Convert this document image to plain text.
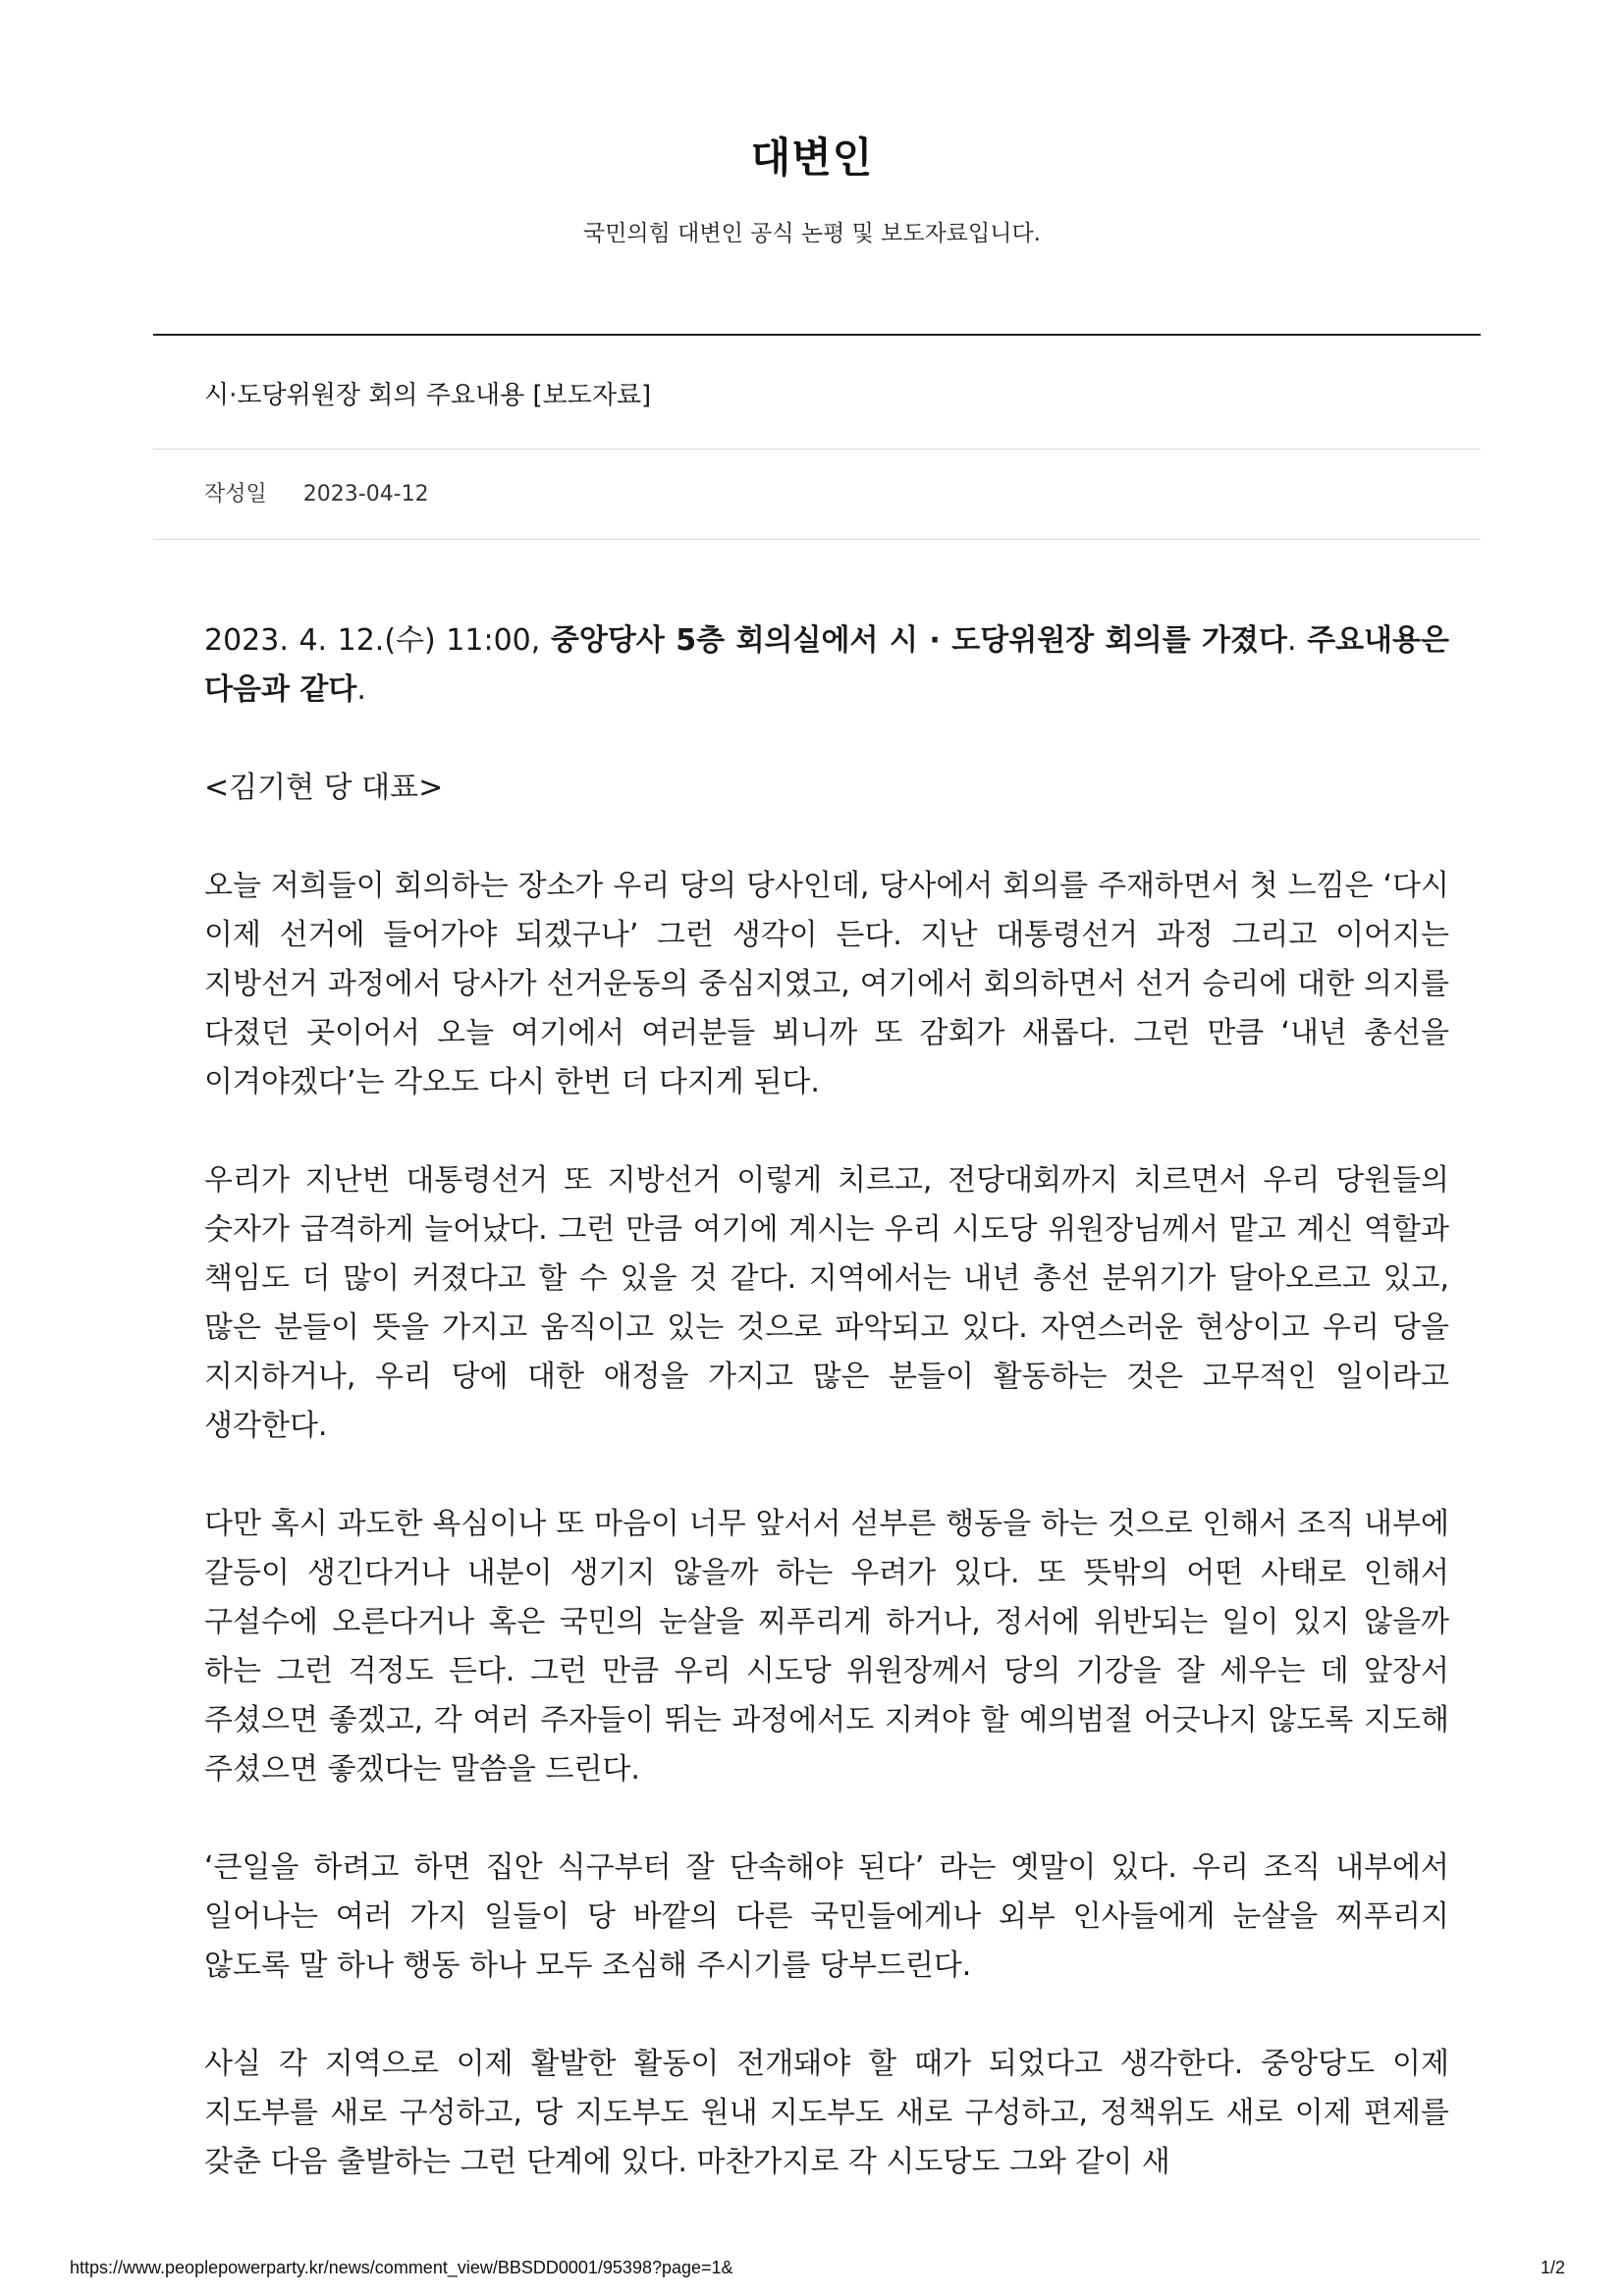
대변인
국민의힘 대변인 공식 논평 및 보도자료입니다.
시·도당위원장 회의 주요내용 [보도자료]
작성일 2023-04-12

2023. 4. 12.(수) 11:00, 중앙당사 5층 회의실에서 시 · 도당위원장 회의를 가졌다. 주요내용은 다음과 같다.

<김기현 당 대표>

오늘 저희들이 회의하는 장소가 우리 당의 당사인데, 당사에서 회의를 주재하면서 첫 느낌은 ‘다시 이제 선거에 들어가야 되겠구나’ 그런 생각이 든다. 지난 대통령선거 과정 그리고 이어지는 지방선거 과정에서 당사가 선거운동의 중심지였고, 여기에서 회의하면서 선거 승리에 대한 의지를 다졌던 곳이어서 오늘 여기에서 여러분들 뵈니까 또 감회가 새롭다. 그런 만큼 ‘내년 총선을 이겨야겠다’는 각오도 다시 한번 더 다지게 된다.

우리가 지난번 대통령선거 또 지방선거 이렇게 치르고, 전당대회까지 치르면서 우리 당원들의 숫자가 급격하게 늘어났다. 그런 만큼 여기에 계시는 우리 시도당 위원장님께서 맡고 계신 역할과 책임도 더 많이 커졌다고 할 수 있을 것 같다. 지역에서는 내년 총선 분위기가 달아오르고 있고, 많은 분들이 뜻을 가지고 움직이고 있는 것으로 파악되고 있다. 자연스러운 현상이고 우리 당을 지지하거나, 우리 당에 대한 애정을 가지고 많은 분들이 활동하는 것은 고무적인 일이라고 생각한다.

다만 혹시 과도한 욕심이나 또 마음이 너무 앞서서 섣부른 행동을 하는 것으로 인해서 조직 내부에 갈등이 생긴다거나 내분이 생기지 않을까 하는 우려가 있다. 또 뜻밖의 어떤 사태로 인해서 구설수에 오른다거나 혹은 국민의 눈살을 찌푸리게 하거나, 정서에 위반되는 일이 있지 않을까 하는 그런 걱정도 든다. 그런 만큼 우리 시도당 위원장께서 당의 기강을 잘 세우는 데 앞장서 주셨으면 좋겠고, 각 여러 주자들이 뛰는 과정에서도 지켜야 할 예의범절 어긋나지 않도록 지도해 주셨으면 좋겠다는 말씀을 드린다.

‘큰일을 하려고 하면 집안 식구부터 잘 단속해야 된다’ 라는 옛말이 있다. 우리 조직 내부에서 일어나는 여러 가지 일들이 당 바깥의 다른 국민들에게나 외부 인사들에게 눈살을 찌푸리지 않도록 말 하나 행동 하나 모두 조심해 주시기를 당부드린다.

사실 각 지역으로 이제 활발한 활동이 전개돼야 할 때가 되었다고 생각한다. 중앙당도 이제 지도부를 새로 구성하고, 당 지도부도 원내 지도부도 새로 구성하고, 정책위도 새로 이제 편제를 갖춘 다음 출발하는 그런 단계에 있다. 마찬가지로 각 시도당도 그와 같이 새

https://www.peoplepowerparty.kr/news/comment_view/BBSDD0001/95398?page=1&	1/2
